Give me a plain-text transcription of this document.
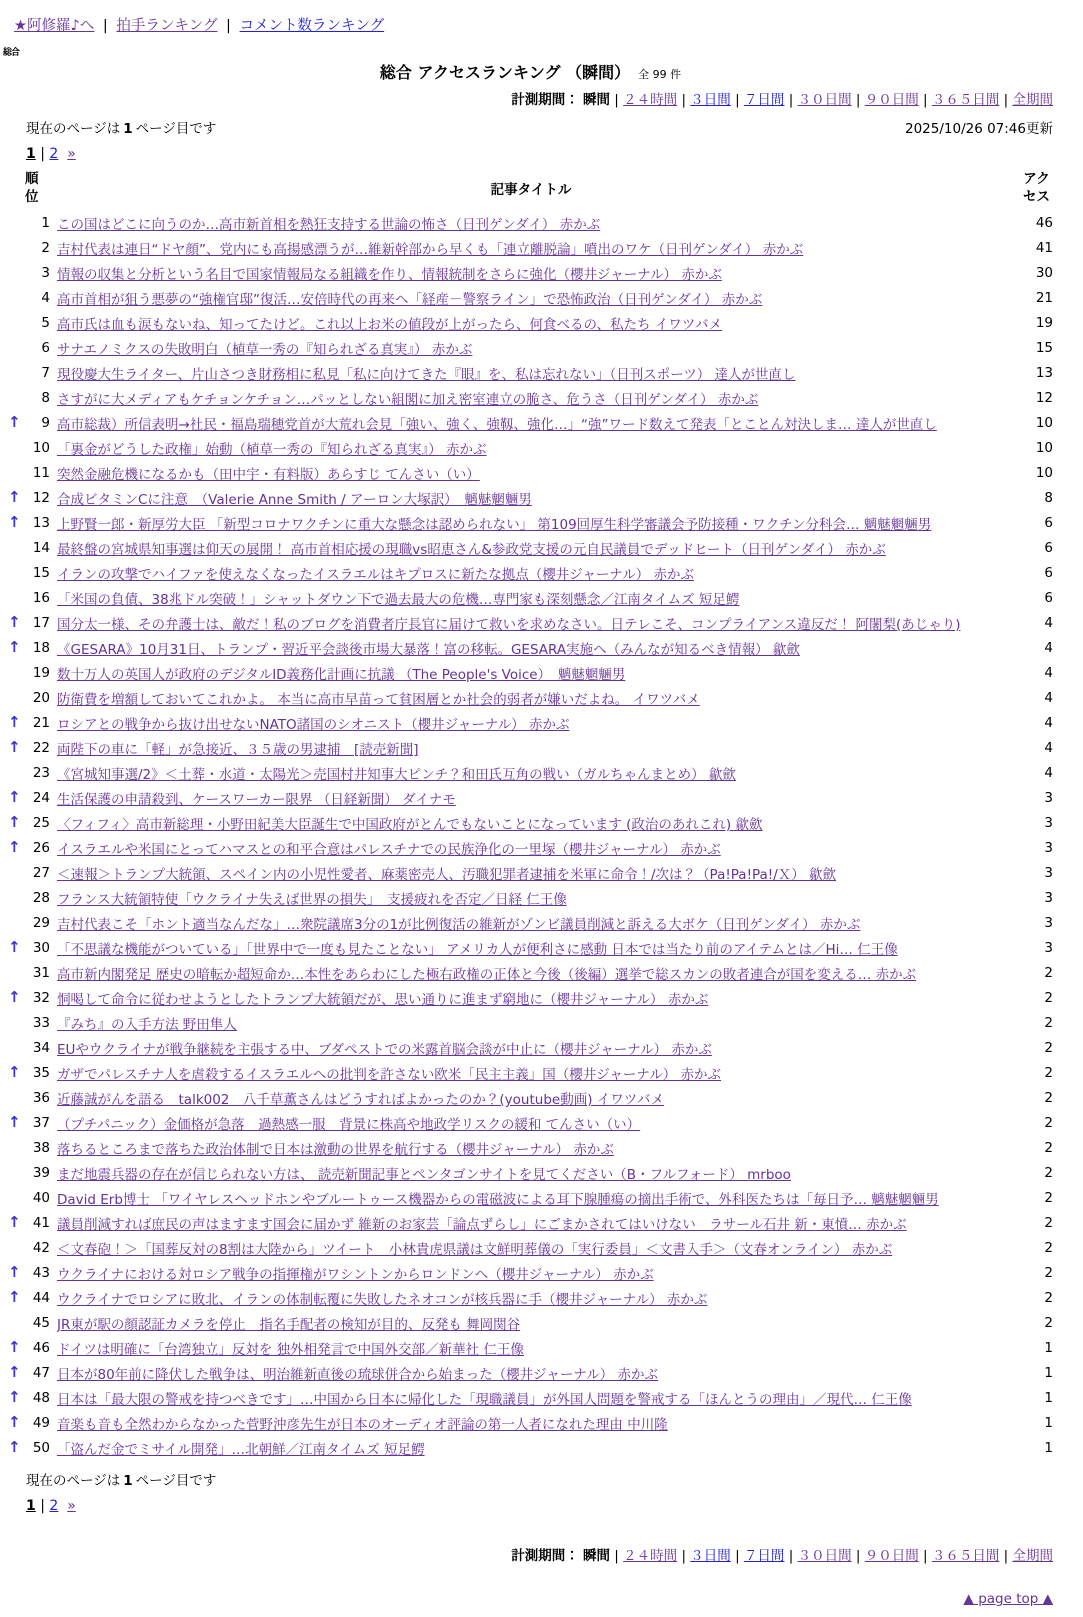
★阿修羅♪へ | 拍手ランキング | コメント数ランキング
総合
総合 アクセスランキング （瞬間） 全 99 件
計測期間： 瞬間 | ２４時間 | ３日間 | ７日間 | ３０日間 | ９０日間 | ３６５日間 | 全期間
現在のページは 1 ページ目です	2025/10/26 07:46更新
1 | 2 »
順位	記事タイトル
アクセス
1 この国はどこに向うのか…高市新首相を熱狂支持する世論の怖さ（日刊ゲンダイ） 赤かぶ	46
2 吉村代表は連日“ドヤ顔”、党内にも高揚感漂うが…維新幹部から早くも「連立離脱論」噴出のワケ（日刊ゲンダイ） 赤かぶ	41
3 情報の収集と分析という名目で国家情報局なる組織を作り、情報統制をさらに強化（櫻井ジャーナル） 赤かぶ	30
4 高市首相が狙う悪夢の“強権官邸”復活…安倍時代の再来へ「経産－警察ライン」で恐怖政治（日刊ゲンダイ） 赤かぶ	21
5 高市氏は血も涙もないね、知ってたけど。これ以上お米の値段が上がったら、何食べるの、私たち イワツバメ	19
6 サナエノミクスの失敗明白（植草一秀の『知られざる真実』） 赤かぶ	15
7 現役慶大生ライター、片山さつき財務相に私見「私に向けてきた『眼』を、私は忘れない」（日刊スポーツ） 達人が世直し	13
8 さすがに大メディアもケチョンケチョン…パッとしない組閣に加え密室連立の脆さ、危うさ（日刊ゲンダイ） 赤かぶ	12
↑	9 高市総裁）所信表明→社民・福島瑞穂党首が大荒れ会見「強い、強く、強靱、強化…」“強”ワード数えて発表「とことん対決しま… 達人が世直し	10
10 「裏金がどうした政権」始動（植草一秀の『知られざる真実』） 赤かぶ	10
11 突然金融危機になるかも（田中宇・有料版）あらすじ てんさい（い）	10
↑ 12 合成ビタミンCに注意　（Valerie Anne Smith / アーロン大塚訳）　魑魅魍魎男	8
↑ 13 上野賢一郎・新厚労大臣 「新型コロナワクチンに重大な懸念は認められない」 第109回厚生科学審議会予防接種・ワクチン分科会… 魑魅魍魎男	6
14 最終盤の宮城県知事選は仰天の展開！ 高市首相応援の現職vs昭恵さん&参政党支援の元自民議員でデッドヒート（日刊ゲンダイ） 赤かぶ	6
15 イランの攻撃でハイファを使えなくなったイスラエルはキプロスに新たな拠点（櫻井ジャーナル） 赤かぶ	6
16 「米国の負債、38兆ドル突破！」シャットダウン下で過去最大の危機…専門家も深刻懸念／江南タイムズ 短足鰐	6
↑ 17 国分太一様、その弁護士は、敵だ！私のブログを消費者庁長官に届けて救いを求めなさい。日テレこそ、コンプライアンス違反だ！ 阿闍梨(あじゃり)	4
↑ 18 《GESARA》10月31日、トランプ・習近平会談後市場大暴落！富の移転。GESARA実施へ（みんなが知るべき情報） 歙歛	4
19 数十万人の英国人が政府のデジタルID義務化計画に抗議 （The People's Voice）　魑魅魍魎男	4
20 防衛費を増額しておいてこれかよ。 本当に高市早苗って貧困層とか社会的弱者が嫌いだよね。 イワツバメ	4
↑ 21 ロシアとの戦争から抜け出せないNATO諸国のシオニスト（櫻井ジャーナル） 赤かぶ	4
↑ 22 両陛下の車に「軽」が急接近、３５歳の男逮捕　[読売新聞]	4
23 《宮城知事選/2》＜土葬・水道・太陽光＞売国村井知事大ピンチ？和田氏互角の戦い（ガルちゃんまとめ） 歙歛	4
↑ 24 生活保護の申請殺到、ケースワーカー限界 （日経新聞） ダイナモ	3
↑ 25 〈フィフィ〉高市新総理・小野田紀美大臣誕生で中国政府がとんでもないことになっています (政治のあれこれ) 歙歛	3
↑ 26 イスラエルや米国にとってハマスとの和平合意はパレスチナでの民族浄化の一里塚（櫻井ジャーナル） 赤かぶ	3
27 ＜速報＞トランプ大統領、スペイン内の小児性愛者、麻薬密売人、汚職犯罪者逮捕を米軍に命令！/次は？（Pa!Pa!Pa!/Ｘ） 歙歛	3
28 フランス大統領特使「ウクライナ失えば世界の損失」　支援疲れを否定／日経 仁王像	3
29 吉村代表こそ「ホント適当なんだな」…衆院議席3分の1が比例復活の維新がゾンビ議員削減と訴える大ボケ（日刊ゲンダイ） 赤かぶ	3
↑ 30 「不思議な機能がついている」「世界中で一度も見たことない」 アメリカ人が便利さに感動 日本では当たり前のアイテムとは／Hi… 仁王像	3
31 高市新内閣発足 歴史の暗転か超短命か…本性をあらわにした極右政権の正体と今後（後編）選挙で総スカンの敗者連合が国を変える… 赤かぶ	2
↑ 32 恫喝して命令に従わせようとしたトランプ大統領だが、思い通りに進まず窮地に（櫻井ジャーナル） 赤かぶ	2
33 『みち』の入手方法 野田隼人	2
34 EUやウクライナが戦争継続を主張する中、ブダペストでの米露首脳会談が中止に（櫻井ジャーナル） 赤かぶ	2
↑ 35 ガザでパレスチナ人を虐殺するイスラエルへの批判を許さない欧米「民主主義」国（櫻井ジャーナル） 赤かぶ	2
36 近藤誠がんを語る　talk002　八千草薫さんはどうすればよかったのか？(youtube動画) イワツバメ	2
↑ 37 （プチパニック）金価格が急落　過熱感一服　背景に株高や地政学リスクの緩和 てんさい（い）	2
38 落ちるところまで落ちた政治体制で日本は激動の世界を航行する（櫻井ジャーナル） 赤かぶ	2
39 まだ地震兵器の存在が信じられない方は、 読売新聞記事とペンタゴンサイトを見てください（B・フルフォード） mrboo	2
40 David Erb博士 「ワイヤレスヘッドホンやブルートゥース機器からの電磁波による耳下腺腫瘍の摘出手術で、外科医たちは「毎日予… 魑魅魍魎男	2
↑ 41 議員削減すれば庶民の声はますます国会に届かず 維新のお家芸「論点ずらし」にごまかされてはいけない　ラサール石井 新・東憤… 赤かぶ	2
42 ＜文春砲！＞「国葬反対の8割は大陸から」ツイート　小林貴虎県議は文鮮明葬儀の「実行委員」＜文書入手＞（文春オンライン） 赤かぶ	2
↑ 43 ウクライナにおける対ロシア戦争の指揮権がワシントンからロンドンへ（櫻井ジャーナル） 赤かぶ	2
↑ 44 ウクライナでロシアに敗北、イランの体制転覆に失敗したネオコンが核兵器に手（櫻井ジャーナル） 赤かぶ	2
45 JR東が駅の顔認証カメラを停止　指名手配者の検知が目的、反発も 舞岡関谷	2
↑ 46 ドイツは明確に「台湾独立」反対を 独外相発言で中国外交部／新華社 仁王像	1
↑ 47 日本が80年前に降伏した戦争は、明治維新直後の琉球併合から始まった（櫻井ジャーナル） 赤かぶ	1
↑ 48 日本は「最大限の警戒を持つべきです」…中国から日本に帰化した「現職議員」が外国人問題を警戒する「ほんとうの理由」／現代… 仁王像	1
↑ 49 音楽も音も全然わからなかった菅野沖彦先生が日本のオーディオ評論の第一人者になれた理由 中川隆	1
↑ 50 「盗んだ金でミサイル開発」…北朝鮮／江南タイムズ 短足鰐	1
現在のページは 1 ページ目です
1 | 2 »
計測期間： 瞬間 | ２４時間 | ３日間 | ７日間 | ３０日間 | ９０日間 | ３６５日間 | 全期間
▲ page top ▲
